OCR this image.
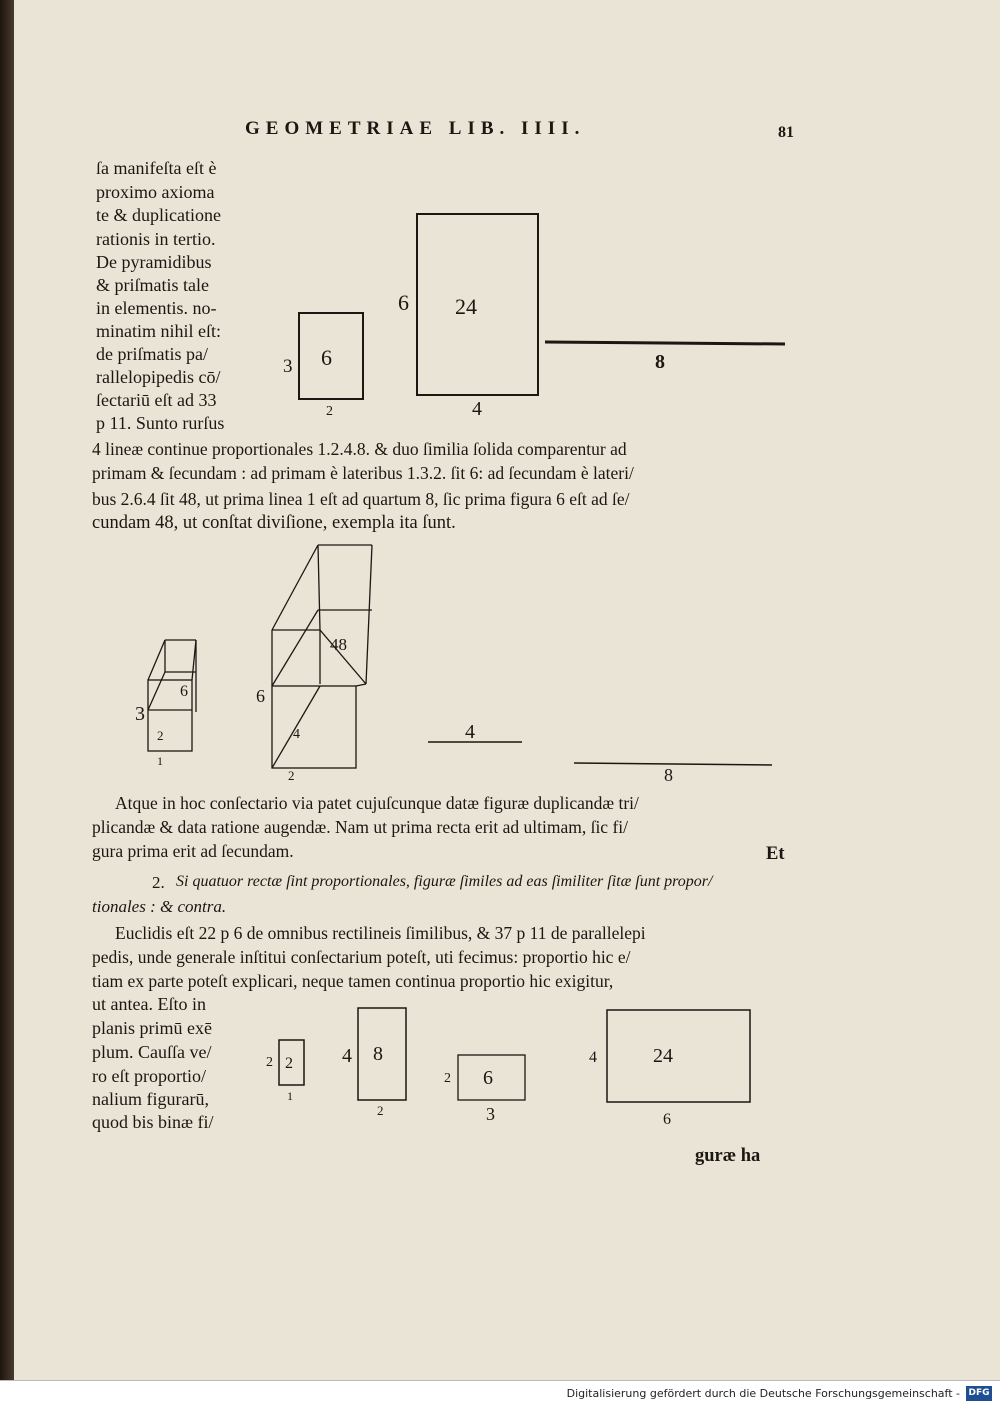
GEOMETRIAE LIB. IIII.	81
ſa manifeſta eſt è
proximo axioma
te & duplicatione
rationis in tertio.
De pyramidibus
& priſmatis tale
in elementis. no-
minatim nihil eſt:
de priſmatis pa/
rallelopipedis cō/
ſectariū eſt ad 33
p 11. Sunto rurſus
6
3
2
24
6
4
8
6
3
2
1
48
6
4
2
4
8
2
2
1
8
4
2
6
2
3
24
4
6
4 lineæ continue proportionales 1.2.4.8. & duo ſimilia ſolida comparentur ad
primam & ſecundam : ad primam è lateribus 1.3.2. ſit 6: ad ſecundam è lateri/
bus 2.6.4 ſit 48, ut prima linea 1 eſt ad quartum 8, ſic prima figura 6 eſt ad ſe/
cundam 48, ut conſtat diviſione, exempla ita ſunt.
Atque in hoc conſectario via patet cujuſcunque datæ figuræ duplicandæ tri/
plicandæ & data ratione augendæ. Nam ut prima recta erit ad ultimam, ſic fi/
gura prima erit ad ſecundam.	Et
2. Si quatuor rectæ ſint proportionales, figuræ ſimiles ad eas ſimiliter ſitæ ſunt propor/
tionales : & contra.
Euclidis eſt 22 p 6 de omnibus rectilineis ſimilibus, & 37 p 11 de parallelepi
pedis, unde generale inſtitui conſectarium poteſt, uti fecimus: proportio hic e/
tiam ex parte poteſt explicari, neque tamen continua proportio hic exigitur,
ut antea. Eſto in
planis primū exē
plum. Cauſſa ve/
ro eſt proportio/
nalium figurarū,
quod bis binæ fi/
guræ ha
Digitalisierung gefördert durch die Deutsche Forschungsgemeinschaft - DFG
